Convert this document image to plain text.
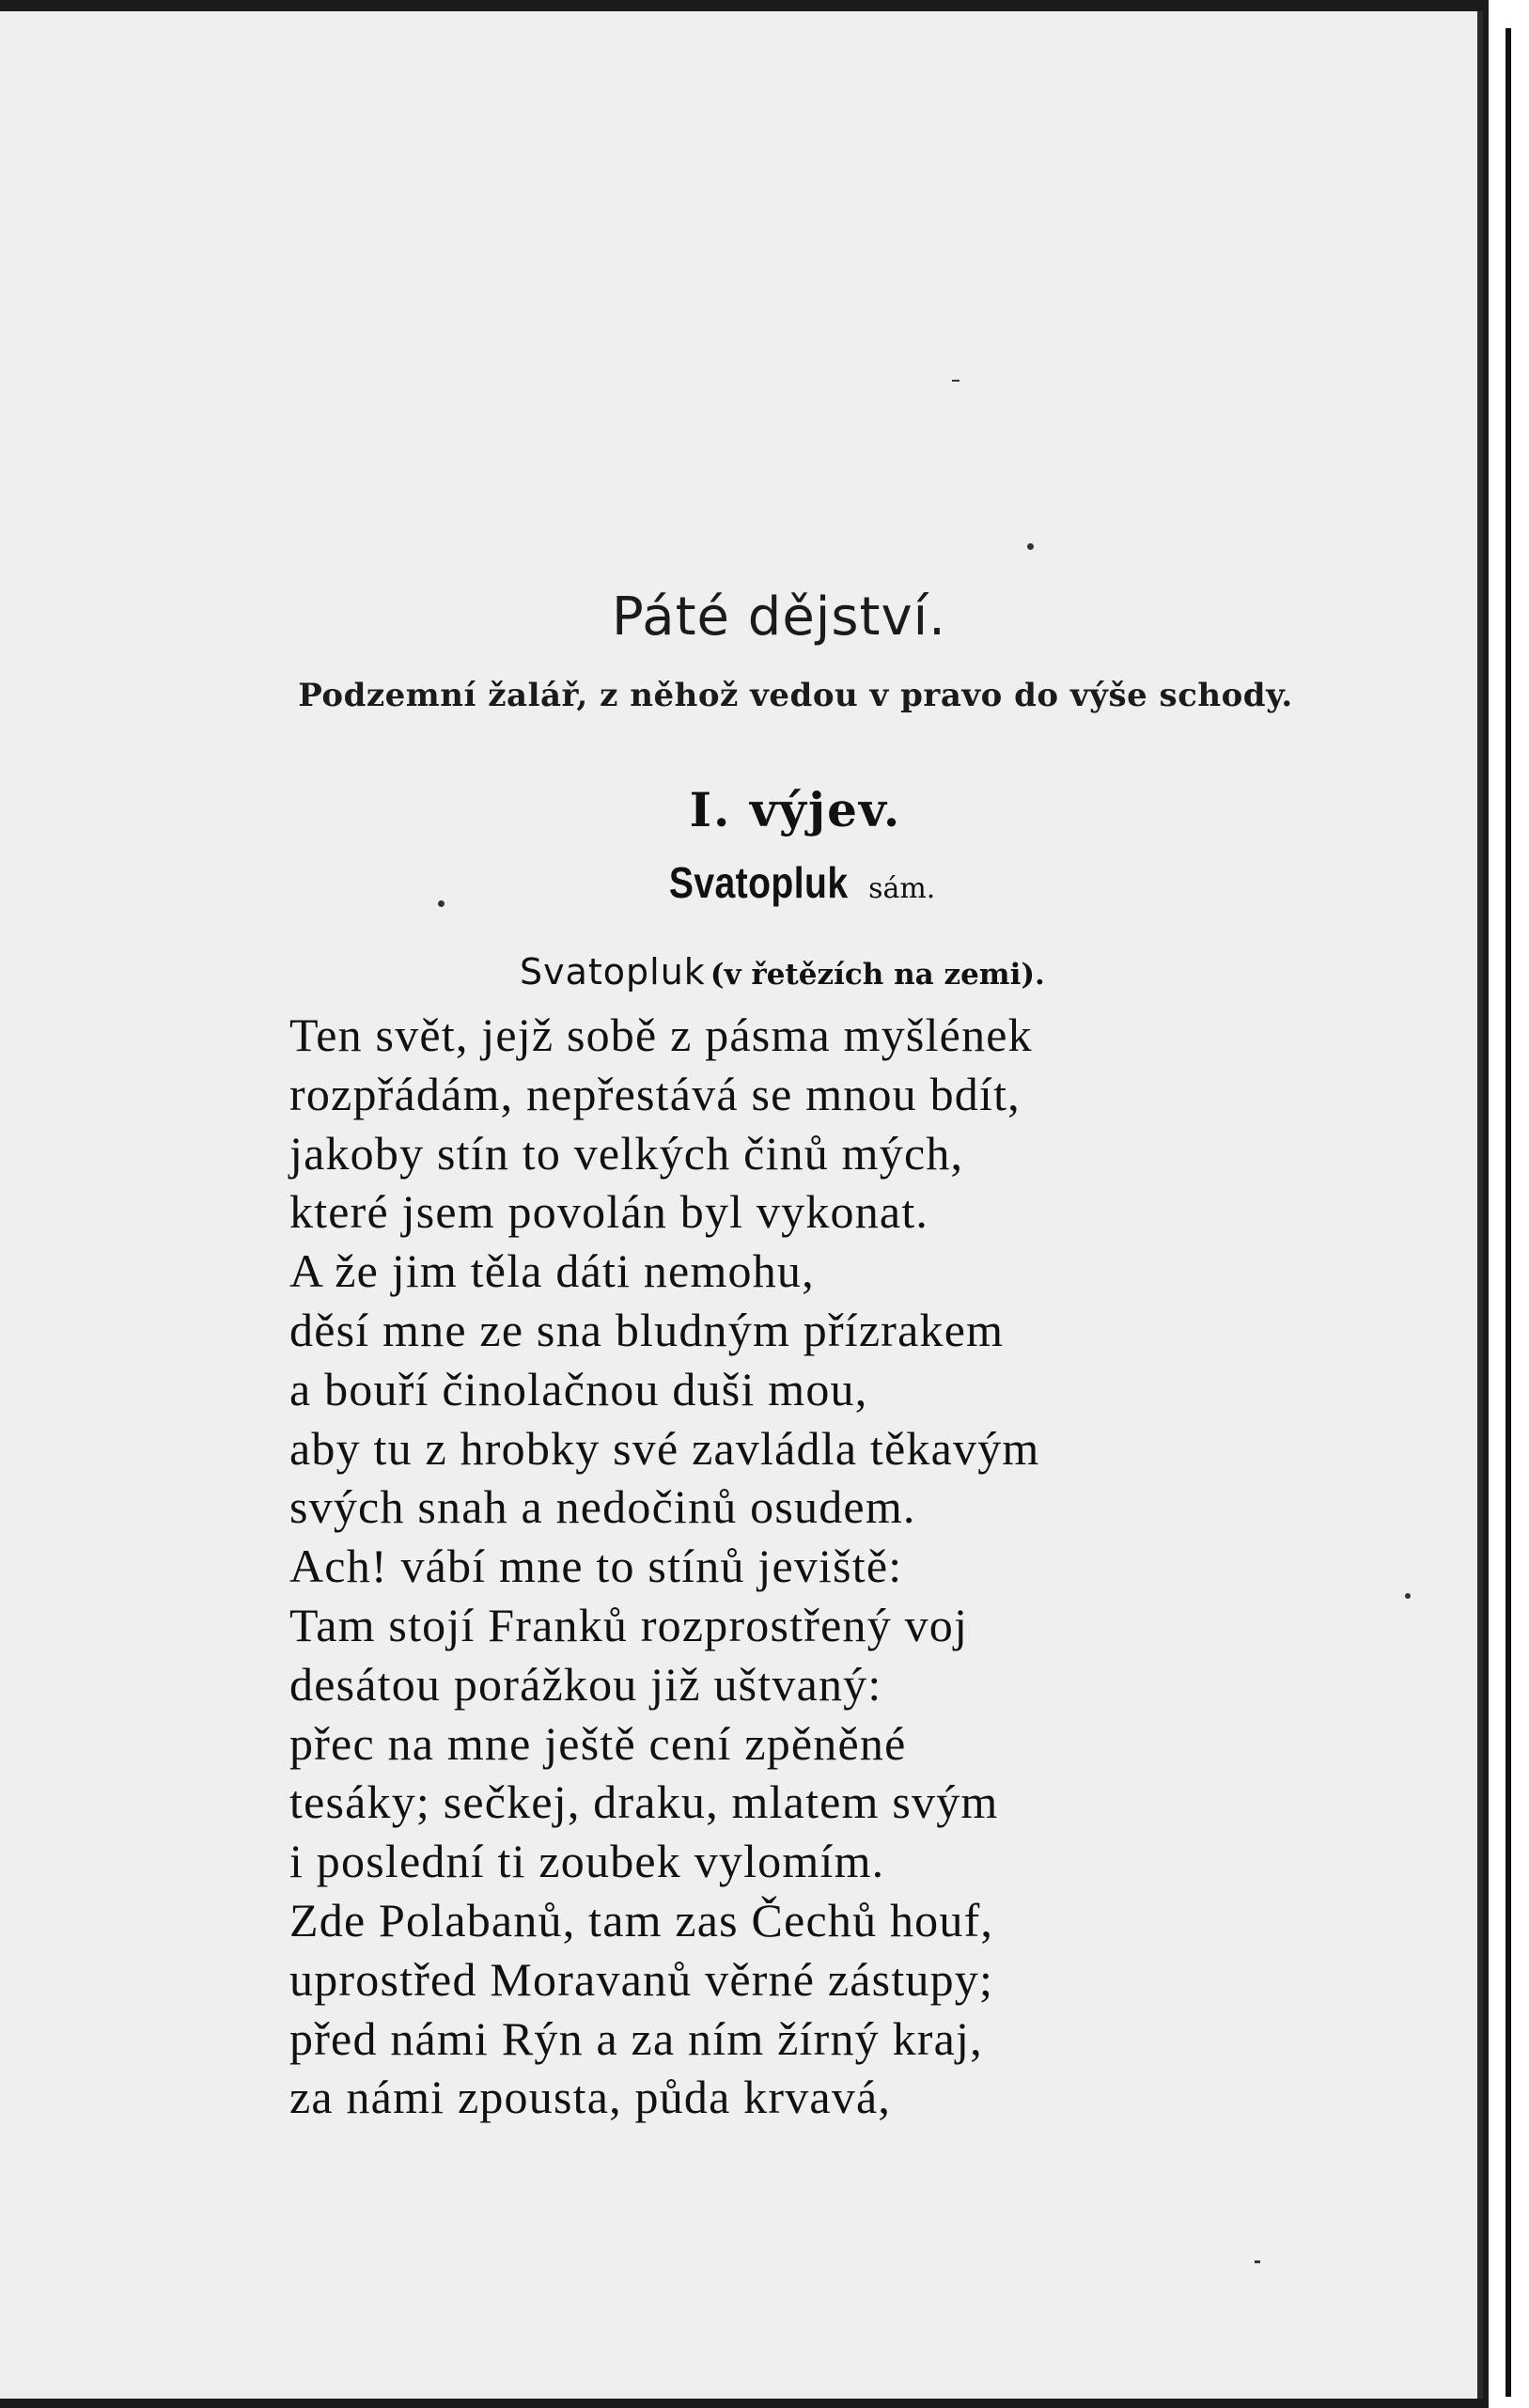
Páté dějství.
Podzemní žalář, z něhož vedou v pravo do výše schody.
I. výjev.
Svatopluk sám.
Svatopluk (v řetězích na zemi).
Ten svět, jejž sobě z pásma myšlének
rozpřádám, nepřestává se mnou bdít,
jakoby stín to velkých činů mých,
které jsem povolán byl vykonat.
A že jim těla dáti nemohu,
děsí mne ze sna bludným přízrakem
a bouří činolačnou duši mou,
aby tu z hrobky své zavládla těkavým
svých snah a nedočinů osudem.
Ach! vábí mne to stínů jeviště:
Tam stojí Franků rozprostřený voj
desátou porážkou již uštvaný:
přec na mne ještě cení zpěněné
tesáky; sečkej, draku, mlatem svým
i poslední ti zoubek vylomím.
Zde Polabanů, tam zas Čechů houf,
uprostřed Moravanů věrné zástupy;
před námi Rýn a za ním žírný kraj,
za námi zpousta, půda krvavá,
